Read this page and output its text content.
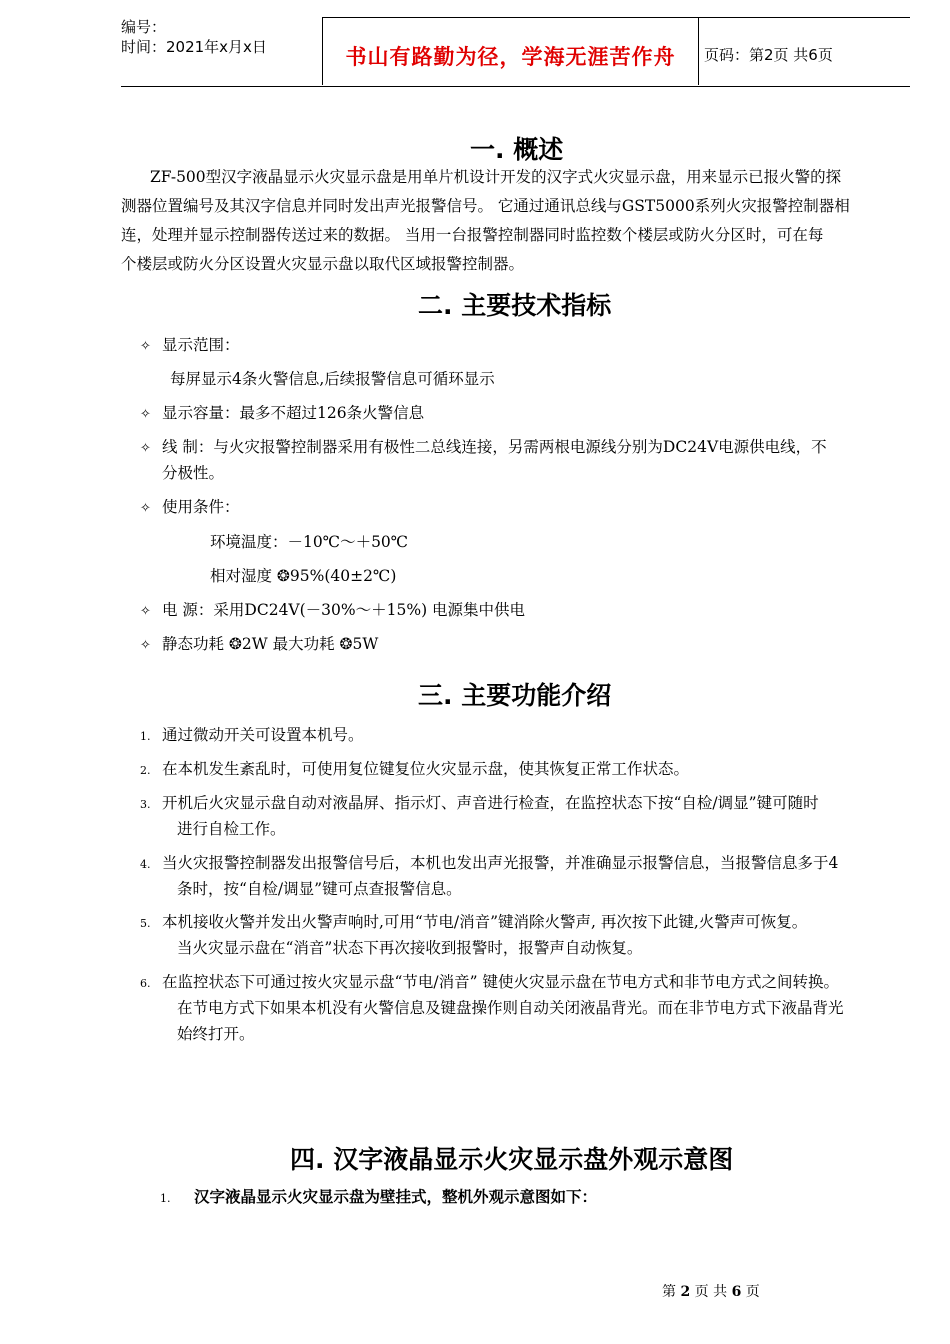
编号：
时间：2021年x月x日	书山有路勤为径，学海无涯苦作舟	页码：第2页 共6页
一. 概述
ZF-500型汉字液晶显示火灾显示盘是用单片机设计开发的汉字式火灾显示盘，用来显示已报火警的探
测器位置编号及其汉字信息并同时发出声光报警信号。 它通过通讯总线与GST5000系列火灾报警控制器相
连，处理并显示控制器传送过来的数据。 当用一台报警控制器同时监控数个楼层或防火分区时，可在每
个楼层或防火分区设置火灾显示盘以取代区域报警控制器。
二. 主要技术指标
✧ 显示范围：
每屏显示4条火警信息,后续报警信息可循环显示
✧ 显示容量：最多不超过126条火警信息
✧ 线 制：与火灾报警控制器采用有极性二总线连接，另需两根电源线分别为DC24V电源供电线，不
分极性。
✧ 使用条件：
环境温度：－10℃～＋50℃
相对湿度 ❂95%(40±2℃)
✧ 电 源：采用DC24V(－30%～＋15%) 电源集中供电
✧ 静态功耗 ❂2W 最大功耗 ❂5W
三. 主要功能介绍
1. 通过微动开关可设置本机号。
2. 在本机发生紊乱时，可使用复位键复位火灾显示盘，使其恢复正常工作状态。
3. 开机后火灾显示盘自动对液晶屏、指示灯、声音进行检查，在监控状态下按“自检/调显”键可随时
进行自检工作。
4. 当火灾报警控制器发出报警信号后，本机也发出声光报警，并准确显示报警信息，当报警信息多于4
条时，按“自检/调显”键可点查报警信息。
5. 本机接收火警并发出火警声响时,可用“节电/消音”键消除火警声, 再次按下此键,火警声可恢复。
当火灾显示盘在“消音”状态下再次接收到报警时，报警声自动恢复。
6. 在监控状态下可通过按火灾显示盘“节电/消音” 键使火灾显示盘在节电方式和非节电方式之间转换。
在节电方式下如果本机没有火警信息及键盘操作则自动关闭液晶背光。而在非节电方式下液晶背光
始终打开。
四. 汉字液晶显示火灾显示盘外观示意图
1. 汉字液晶显示火灾显示盘为壁挂式，整机外观示意图如下：
第 2 页 共 6 页
